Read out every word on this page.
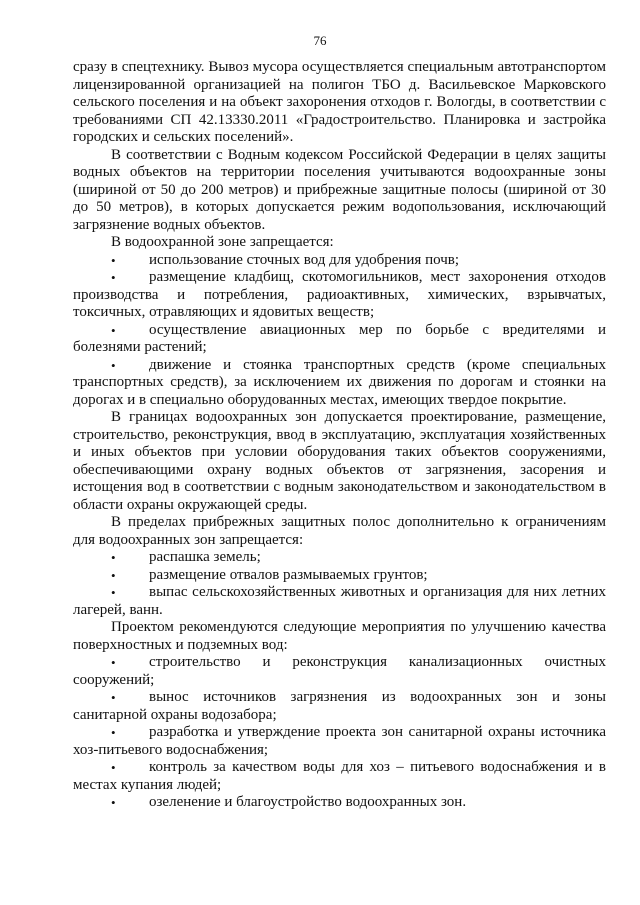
76

сразу в спецтехнику. Вывоз мусора осуществляется специальным автотранспортом лицензированной организацией на полигон ТБО д. Васильевское Марковского сельского поселения и на объект захоронения отходов г. Вологды, в соответствии с требованиями СП 42.13330.2011 «Градостроительство. Планировка и застройка городских и сельских поселений».

В соответствии с Водным кодексом Российской Федерации в целях защиты водных объектов на территории поселения учитываются водоохранные зоны (шириной от 50 до 200 метров) и прибрежные защитные полосы (шириной от 30 до 50 метров), в которых допускается режим водопользования, исключающий загрязнение водных объектов.

В водоохранной зоне запрещается:

•	использование сточных вод для удобрения почв;
•	размещение кладбищ, скотомогильников, мест захоронения отходов производства и потребления, радиоактивных, химических, взрывчатых, токсичных, отравляющих и ядовитых веществ;
•	осуществление авиационных мер по борьбе с вредителями и болезнями растений;
•	движение и стоянка транспортных средств (кроме специальных транспортных средств), за исключением их движения по дорогам и стоянки на дорогах и в специально оборудованных местах, имеющих твердое покрытие.

В границах водоохранных зон допускается проектирование, размещение, строительство, реконструкция, ввод в эксплуатацию, эксплуатация хозяйственных и иных объектов при условии оборудования таких объектов сооружениями, обеспечивающими охрану водных объектов от загрязнения, засорения и истощения вод в соответствии с водным законодательством и законодательством в области охраны окружающей среды.

В пределах прибрежных защитных полос дополнительно к ограничениям для водоохранных зон запрещается:

•	распашка земель;
•	размещение отвалов размываемых грунтов;
•	выпас сельскохозяйственных животных и организация для них летних лагерей, ванн.

Проектом рекомендуются следующие мероприятия по улучшению качества поверхностных и подземных вод:

•	строительство и реконструкция канализационных очистных сооружений;
•	вынос источников загрязнения из водоохранных зон и зоны санитарной охраны водозабора;
•	разработка и утверждение проекта зон санитарной охраны источника хоз-питьевого водоснабжения;
•	контроль за качеством воды для хоз – питьевого водоснабжения и в местах купания людей;
•	озеленение и благоустройство водоохранных зон.
